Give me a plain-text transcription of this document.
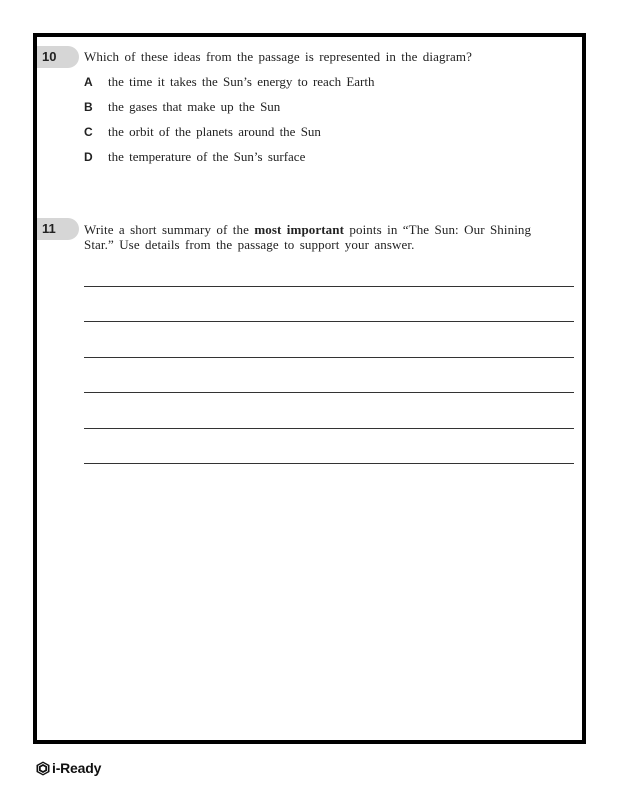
10	Which of these ideas from the passage is represented in the diagram?
A the time it takes the Sun’s energy to reach Earth
B the gases that make up the Sun
C the orbit of the planets around the Sun
D the temperature of the Sun’s surface
11	Write a short summary of the most important points in “The Sun: Our Shining Star.” Use details from the passage to support your answer.
i-Ready
